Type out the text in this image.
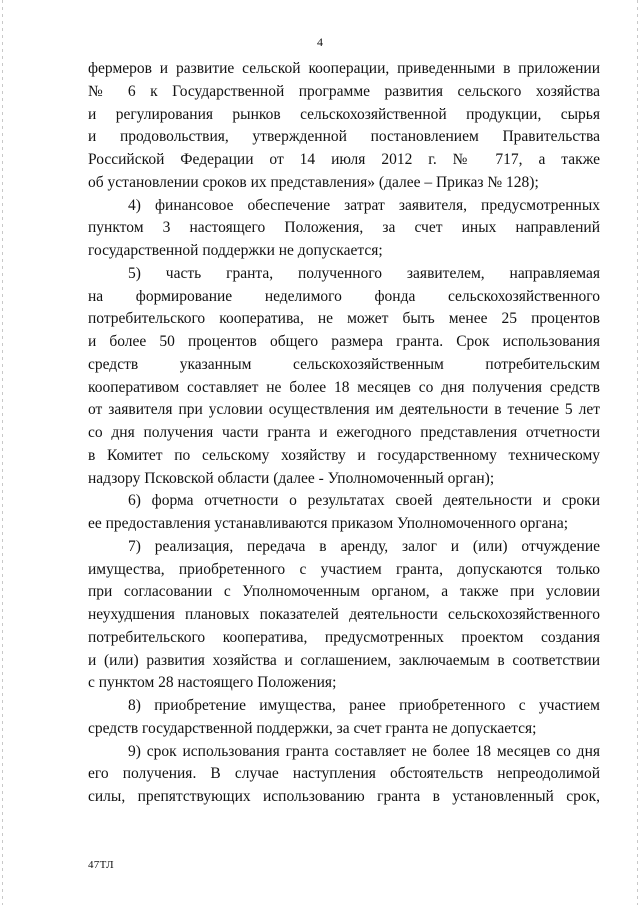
4
фермеров и развитие сельской кооперации, приведенными в приложении
№ 6 к Государственной программе развития сельского хозяйства
и регулирования рынков сельскохозяйственной продукции, сырья
и продовольствия, утвержденной постановлением Правительства
Российской Федерации от 14 июля 2012 г. № 717, а также
об установлении сроков их представления» (далее – Приказ № 128);
4) финансовое обеспечение затрат заявителя, предусмотренных
пунктом 3 настоящего Положения, за счет иных направлений
государственной поддержки не допускается;
5) часть гранта, полученного заявителем, направляемая
на формирование неделимого фонда сельскохозяйственного
потребительского кооператива, не может быть менее 25 процентов
и более 50 процентов общего размера гранта. Срок использования
средств указанным сельскохозяйственным потребительским
кооперативом составляет не более 18 месяцев со дня получения средств
от заявителя при условии осуществления им деятельности в течение 5 лет
со дня получения части гранта и ежегодного представления отчетности
в Комитет по сельскому хозяйству и государственному техническому
надзору Псковской области (далее - Уполномоченный орган);
6) форма отчетности о результатах своей деятельности и сроки
ее предоставления устанавливаются приказом Уполномоченного органа;
7) реализация, передача в аренду, залог и (или) отчуждение
имущества, приобретенного с участием гранта, допускаются только
при согласовании с Уполномоченным органом, а также при условии
неухудшения плановых показателей деятельности сельскохозяйственного
потребительского кооператива, предусмотренных проектом создания
и (или) развития хозяйства и соглашением, заключаемым в соответствии
с пунктом 28 настоящего Положения;
8) приобретение имущества, ранее приобретенного с участием
средств государственной поддержки, за счет гранта не допускается;
9) срок использования гранта составляет не более 18 месяцев со дня
его получения. В случае наступления обстоятельств непреодолимой
силы, препятствующих использованию гранта в установленный срок,
47ТЛ
